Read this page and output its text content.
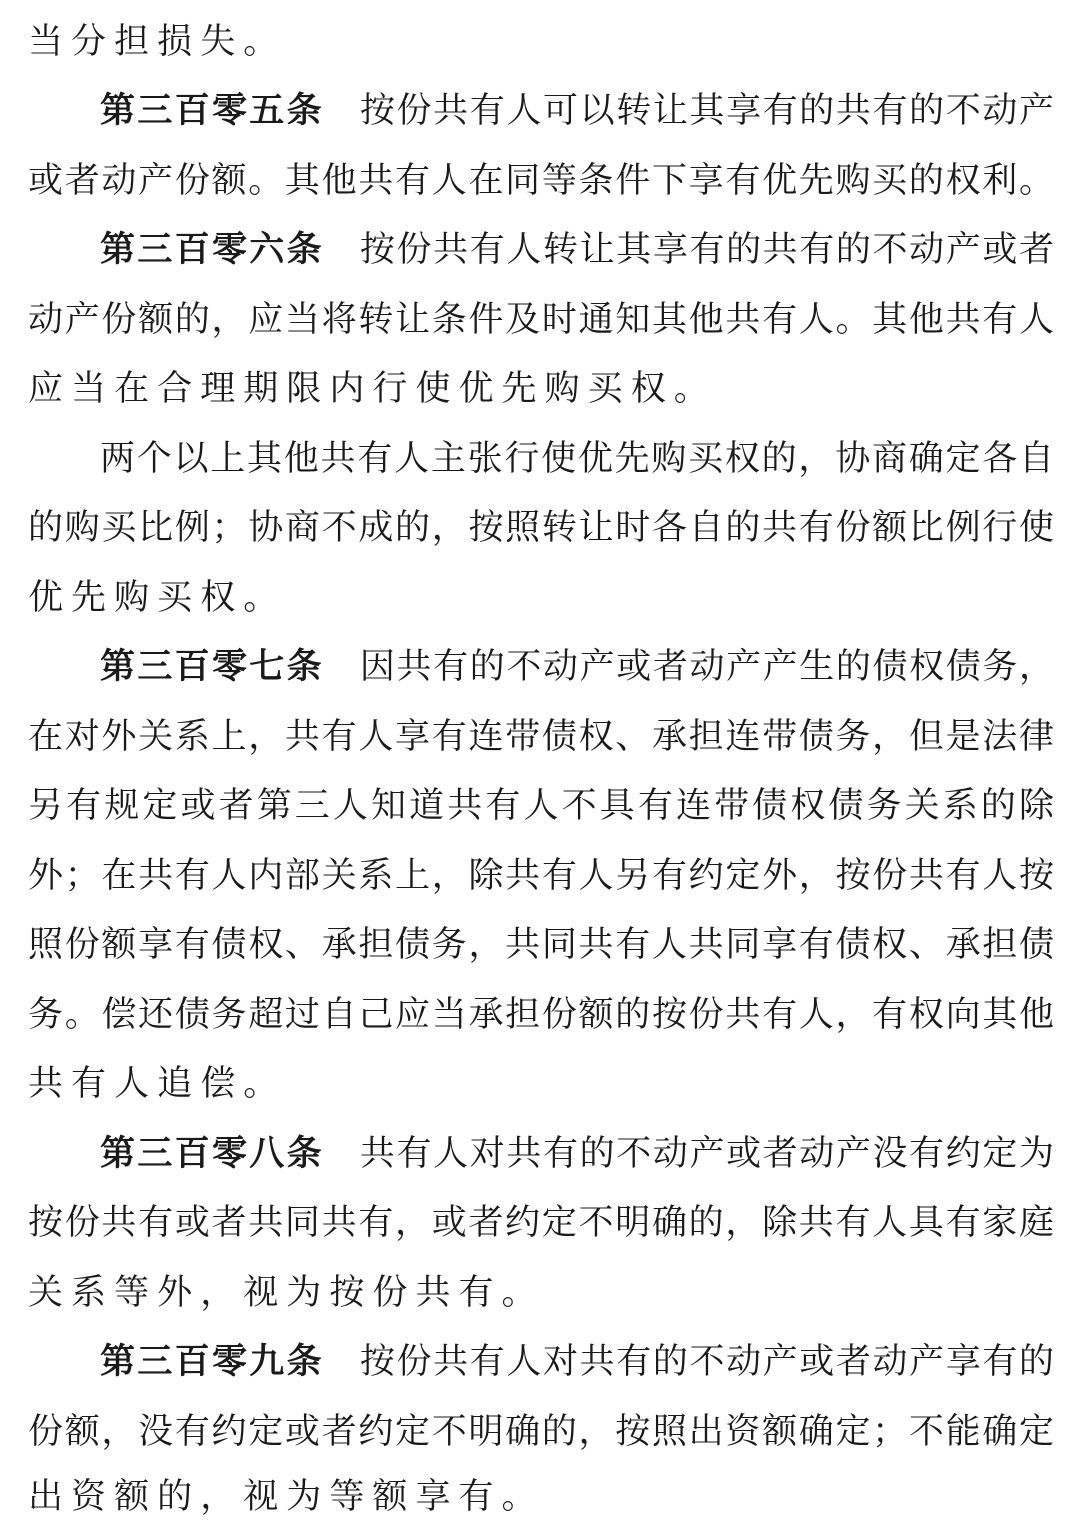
当分担损失。
第三百零五条 按份共有人可以转让其享有的共有的不动产
或者动产份额。其他共有人在同等条件下享有优先购买的权利。
第三百零六条 按份共有人转让其享有的共有的不动产或者
动产份额的，应当将转让条件及时通知其他共有人。其他共有人
应当在合理期限内行使优先购买权。
两个以上其他共有人主张行使优先购买权的，协商确定各自
的购买比例；协商不成的，按照转让时各自的共有份额比例行使
优先购买权。
第三百零七条 因共有的不动产或者动产产生的债权债务，
在对外关系上，共有人享有连带债权、承担连带债务，但是法律
另有规定或者第三人知道共有人不具有连带债权债务关系的除
外；在共有人内部关系上，除共有人另有约定外，按份共有人按
照份额享有债权、承担债务，共同共有人共同享有债权、承担债
务。偿还债务超过自己应当承担份额的按份共有人，有权向其他
共有人追偿。
第三百零八条 共有人对共有的不动产或者动产没有约定为
按份共有或者共同共有，或者约定不明确的，除共有人具有家庭
关系等外，视为按份共有。
第三百零九条 按份共有人对共有的不动产或者动产享有的
份额，没有约定或者约定不明确的，按照出资额确定；不能确定
出资额的，视为等额享有。
